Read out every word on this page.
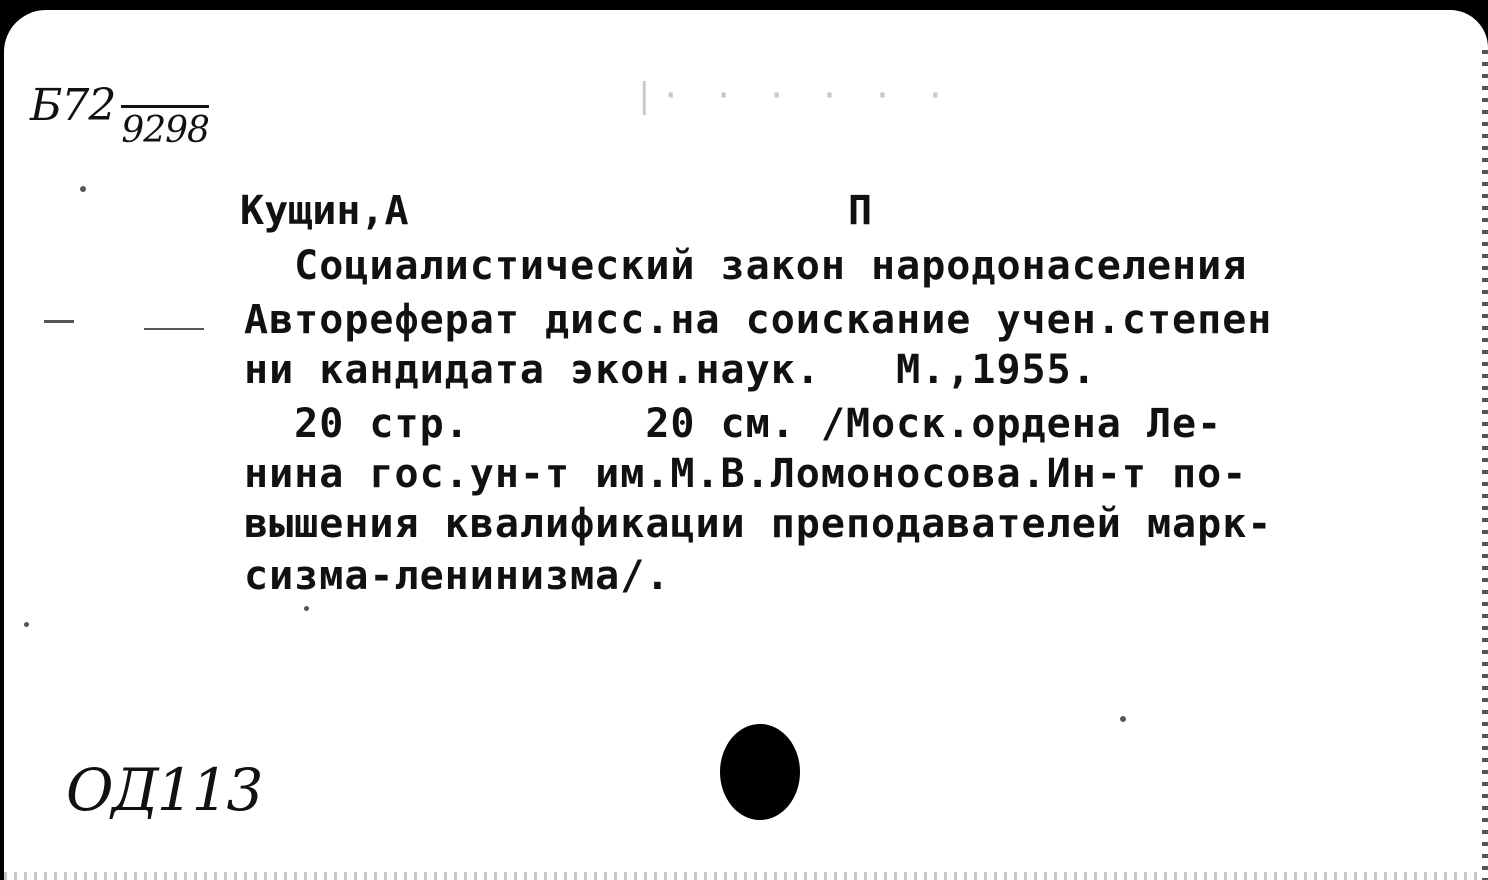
|​· · · · · ·
Б72 9298
Кущин,А	П
Социалистический закон народонаселения
Автореферат дисс.на соискание учен.степен
ни кандидата экон.наук.   М.,1955.
20 стр.       20 см. /Моск.ордена Ле-
нина гос.ун-т им.М.В.Ломоносова.Ин-т по-
вышения квалификации преподавателей марк-
сизма-ленинизма/.
ОД113
